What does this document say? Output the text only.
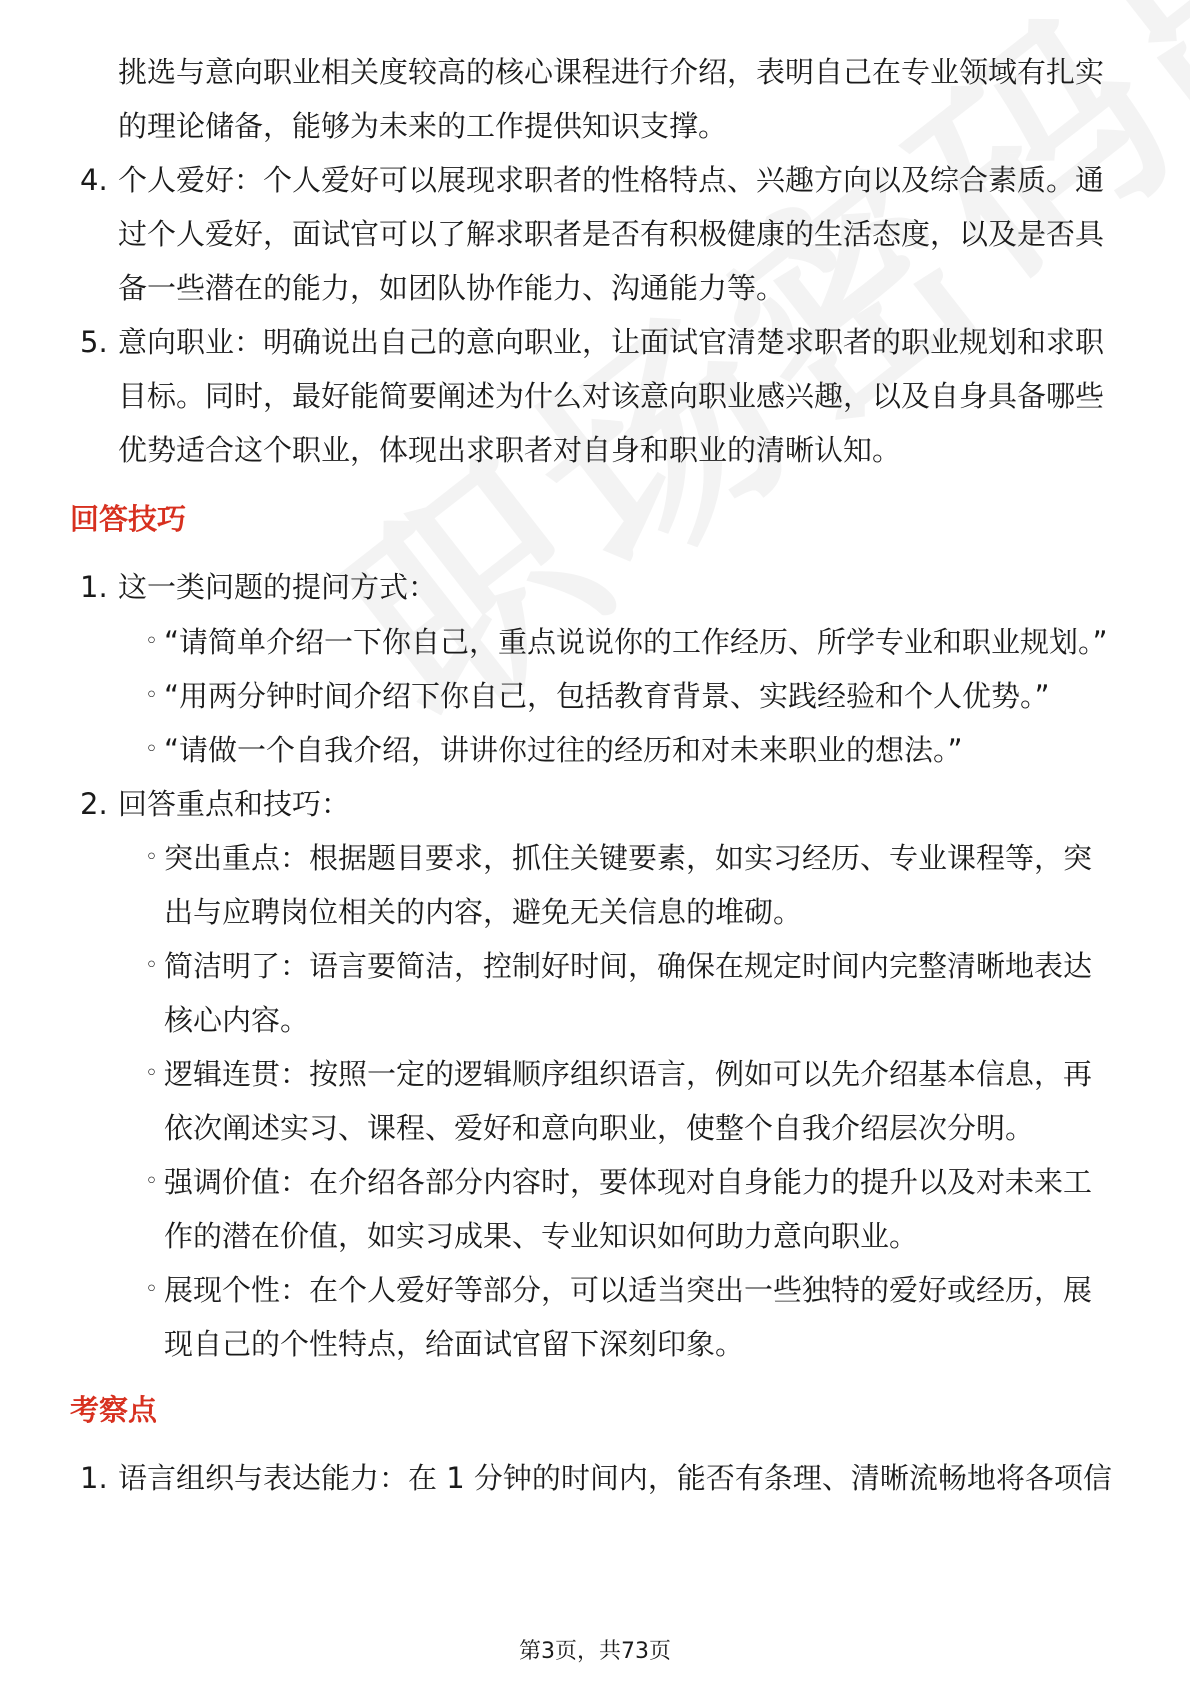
挑选与意向职业相关度较高的核心课程进行介绍，表明自己在专业领域有扎实
的理论储备，能够为未来的工作提供知识支撑。
4. 个人爱好：个人爱好可以展现求职者的性格特点、兴趣方向以及综合素质。通
过个人爱好，面试官可以了解求职者是否有积极健康的生活态度，以及是否具
备一些潜在的能力，如团队协作能力、沟通能力等。
5. 意向职业：明确说出自己的意向职业，让面试官清楚求职者的职业规划和求职
目标。同时，最好能简要阐述为什么对该意向职业感兴趣，以及自身具备哪些
优势适合这个职业，体现出求职者对自身和职业的清晰认知。
回答技巧
1. 这一类问题的提问方式：
◦ “请简单介绍一下你自己，重点说说你的工作经历、所学专业和职业规划。”
◦ “用两分钟时间介绍下你自己，包括教育背景、实践经验和个人优势。”
◦ “请做一个自我介绍，讲讲你过往的经历和对未来职业的想法。”
2. 回答重点和技巧：
◦ 突出重点：根据题目要求，抓住关键要素，如实习经历、专业课程等，突
出与应聘岗位相关的内容，避免无关信息的堆砌。
◦ 简洁明了：语言要简洁，控制好时间，确保在规定时间内完整清晰地表达
核心内容。
◦ 逻辑连贯：按照一定的逻辑顺序组织语言，例如可以先介绍基本信息，再
依次阐述实习、课程、爱好和意向职业，使整个自我介绍层次分明。
◦ 强调价值：在介绍各部分内容时，要体现对自身能力的提升以及对未来工
作的潜在价值，如实习成果、专业知识如何助力意向职业。
◦ 展现个性：在个人爱好等部分，可以适当突出一些独特的爱好或经历，展
现自己的个性特点，给面试官留下深刻印象。
考察点
1. 语言组织与表达能力：在 1 分钟的时间内，能否有条理、清晰流畅地将各项信
第3页，共73页
